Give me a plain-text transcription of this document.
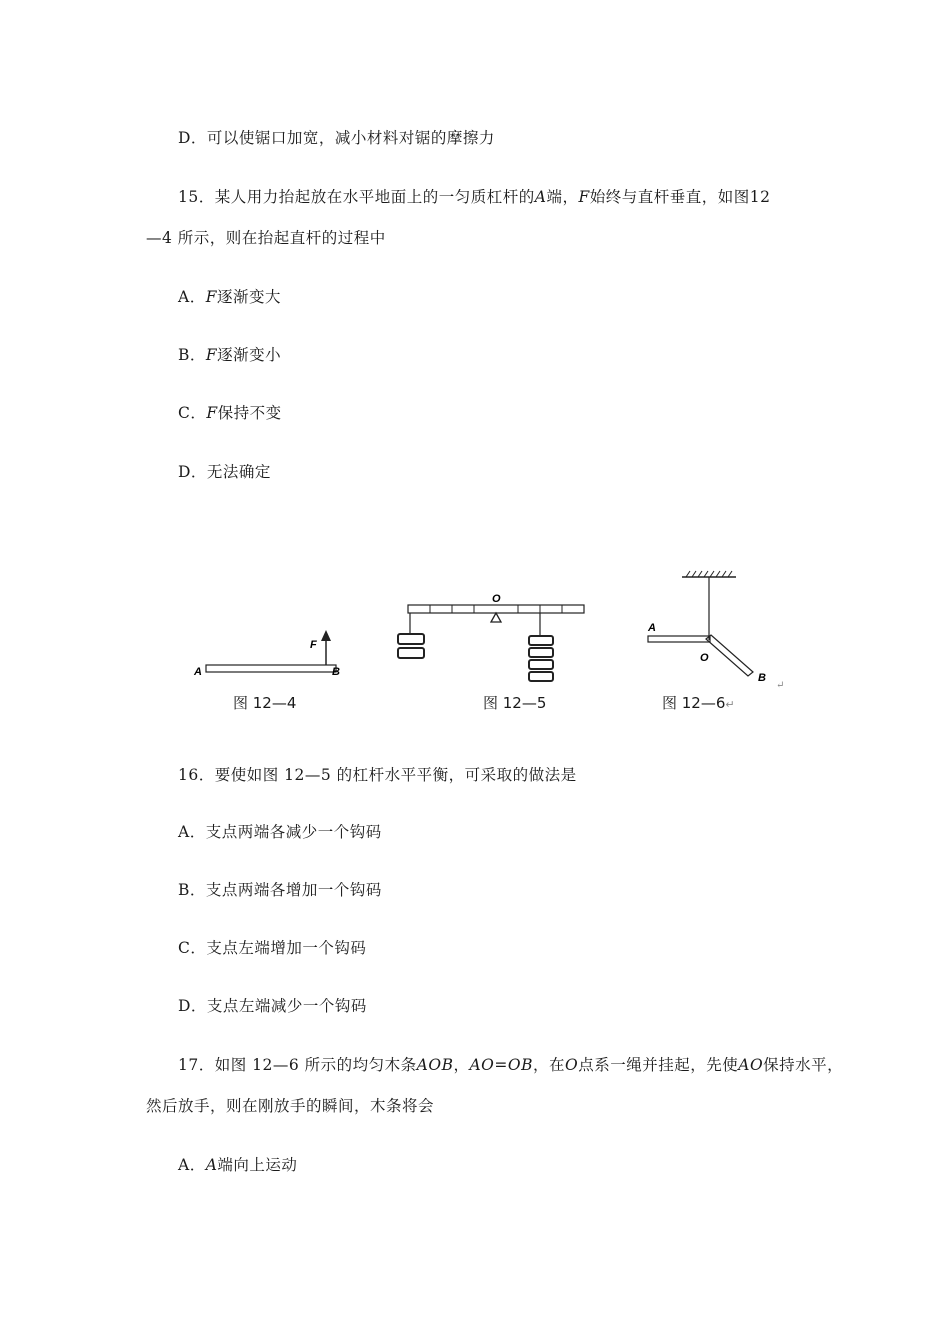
D．可以使锯口加宽，减小材料对锯的摩擦力
15．某人用力抬起放在水平地面上的一匀质杠杆的A端，F始终与直杆垂直，如图12
—4 所示，则在抬起直杆的过程中
A．F逐渐变大
B．F逐渐变小
C．F保持不变
D．无法确定
A	B
F
图 12—4
O
图 12—5
A
O
B
↵
图 12—6↵
16．要使如图 12—5 的杠杆水平平衡，可采取的做法是
A．支点两端各减少一个钩码
B．支点两端各增加一个钩码
C．支点左端增加一个钩码
D．支点左端减少一个钩码
17．如图 12—6 所示的均匀木条AOB，AO=OB，在O点系一绳并挂起，先使AO保持水平，
然后放手，则在刚放手的瞬间，木条将会
A．A端向上运动
